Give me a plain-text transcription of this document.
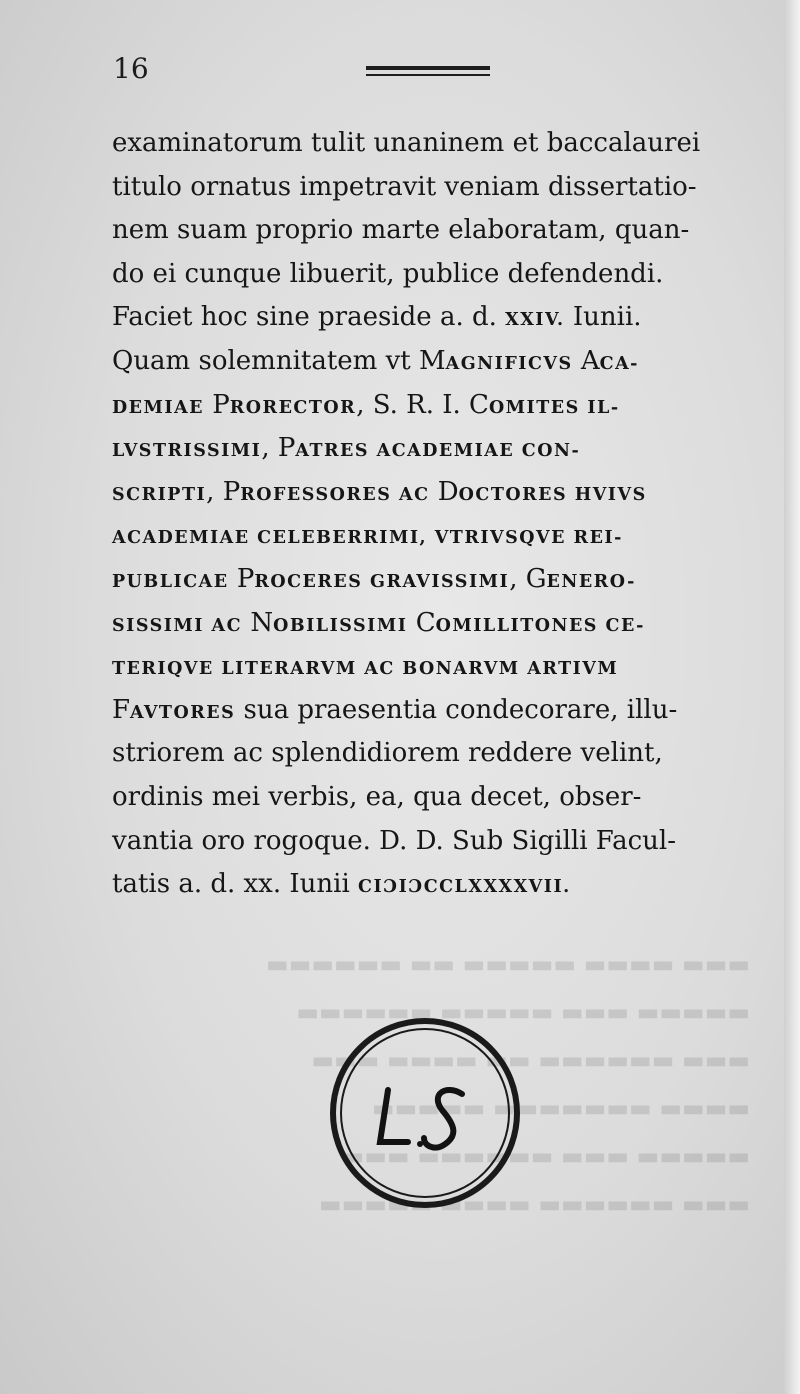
▬▬▬ ▬▬▬▬ ▬▬▬▬▬ ▬▬ ▬▬▬▬▬▬
▬▬▬▬▬ ▬▬▬ ▬▬▬▬▬ ▬▬▬▬▬▬
▬▬▬ ▬▬▬▬▬▬ ▬▬ ▬▬▬▬ ▬▬▬
▬▬▬▬ ▬▬▬▬▬▬▬ ▬▬▬▬▬
▬▬▬▬▬ ▬▬▬ ▬▬▬▬▬▬ ▬▬▬
▬▬▬ ▬▬▬▬▬▬ ▬▬▬▬ ▬▬▬▬▬
16
examinatorum tulit unaninem et baccalaurei
titulo ornatus impetravit veniam dissertatio-
nem suam proprio marte elaboratam, quan-
do ei cunque libuerit, publice defendendi.
Faciet hoc sine praeside a. d. XXIV. Iunii.
Quam solemnitatem vt MAGNIFICVS ACA-
DEMIAE PRORECTOR, S. R. I. COMITES IL-
LVSTRISSIMI, PATRES ACADEMIAE CON-
SCRIPTI, PROFESSORES AC DOCTORES HVIVS
ACADEMIAE CELEBERRIMI, VTRIVSQVE REI-
PUBLICAE PROCERES GRAVISSIMI, GENERO-
SISSIMI AC NOBILISSIMI COMILLITONES CE-
TERIQVE LITERARVM AC BONARVM ARTIVM
FAVTORES sua praesentia condecorare, illu-
striorem ac splendidiorem reddere velint,
ordinis mei verbis, ea, qua decet, obser-
vantia oro rogoque. D. D. Sub Sigilli Facul-
tatis a. d. xx. Iunii CIƆIƆCCLXXXXVII.
